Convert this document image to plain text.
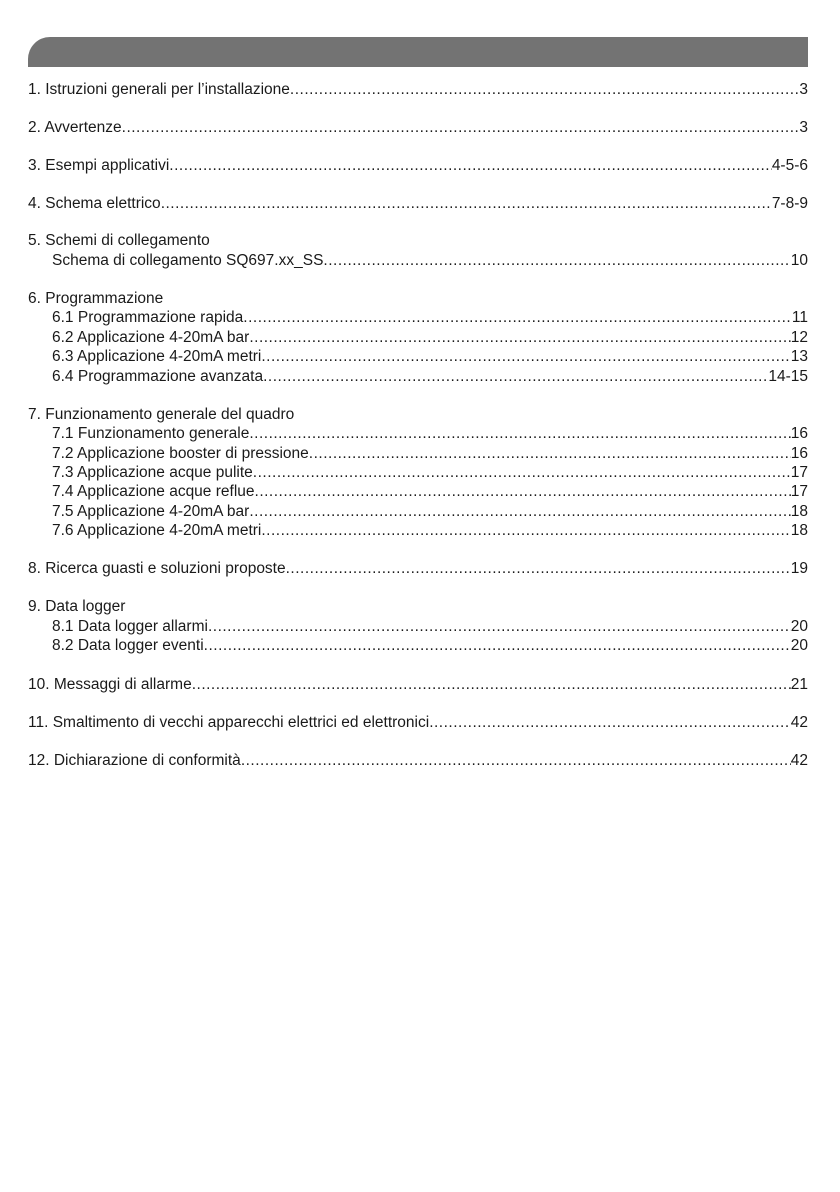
1. Istruzioni generali per l’installazione .....	3
2. Avvertenze .....	3
3. Esempi applicativi .....	4-5-6
4. Schema elettrico .....	7-8-9
5. Schemi di collegamento
Schema di collegamento SQ697.xx_SS .....	10
6. Programmazione
6.1 Programmazione rapida .....	11
6.2 Applicazione 4-20mA bar .....	12
6.3 Applicazione 4-20mA metri .....	13
6.4 Programmazione avanzata .....	14-15
7. Funzionamento generale del quadro
7.1 Funzionamento generale .....	16
7.2 Applicazione booster di pressione .....	16
7.3 Applicazione acque pulite .....	17
7.4 Applicazione acque reflue .....	17
7.5 Applicazione 4-20mA bar .....	18
7.6 Applicazione 4-20mA metri .....	18
8. Ricerca guasti e soluzioni proposte .....	19
9. Data logger
8.1 Data logger allarmi .....	20
8.2 Data logger eventi .....	20
10. Messaggi di allarme .....	21
11. Smaltimento di vecchi apparecchi elettrici ed elettronici .....	42
12. Dichiarazione di conformità .....	42
